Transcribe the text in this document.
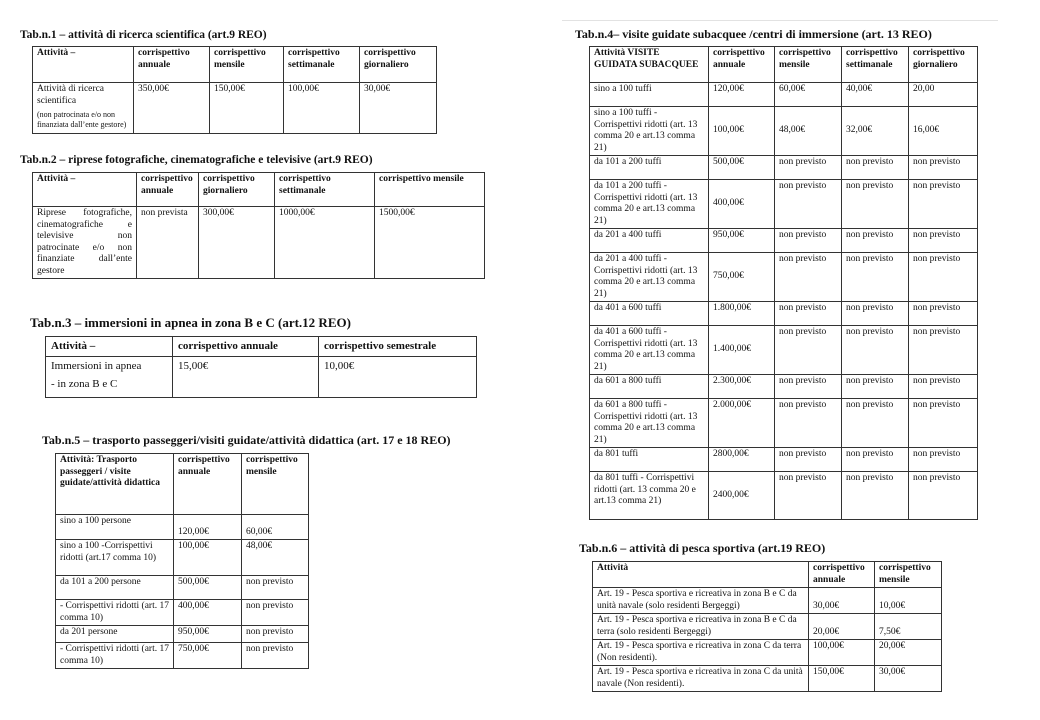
Tab.n.1 – attività di ricerca scientifica (art.9 REO)
Attività –	corrispettivo annuale	corrispettivo mensile	corrispettivo settimanale	corrispettivo giornaliero
Attività di ricerca scientifica
(non patrocinata e/o non finanziata dall’ente gestore)	350,00€	150,00€	100,00€	30,00€
Tab.n.2 – riprese fotografiche, cinematografiche e televisive (art.9 REO)
Attività –	corrispettivo annuale	corrispettivo giornaliero	corrispettivo settimanale	corrispettivo mensile
Riprese fotografiche, cinematografiche e televisive non patrocinate e/o non finanziate dall’ente gestore	non prevista	300,00€	1000,00€	1500,00€
Tab.n.3 – immersioni in apnea in zona B e C (art.12 REO)
Attività –	corrispettivo annuale	corrispettivo semestrale

Immersioni in apnea
- in zona B e C	15,00€	10,00€
Tab.n.5 – trasporto passeggeri/visiti guidate/attività didattica (art. 17 e 18 REO)
Attività: Trasporto passeggeri / visite guidate/attività didattica	corrispettivo annuale	corrispettivo mensile
sino a 100 persone	120,00€	60,00€
sino a 100 -Corrispettivi ridotti (art.17 comma 10)	100,00€	48,00€
da 101 a 200 persone	500,00€	non previsto
- Corrispettivi ridotti (art. 17 comma 10)	400,00€	non previsto
da 201 persone	950,00€	non previsto
- Corrispettivi ridotti (art. 17 comma 10)	750,00€	non previsto
Tab.n.4– visite guidate subacquee /centri di immersione (art. 13 REO)
Attività VISITE GUIDATA SUBACQUEE	corrispettivo annuale	corrispettivo mensile	corrispettivo settimanale	corrispettivo giornaliero
sino a 100 tuffi	120,00€	60,00€	40,00€	20,00
sino a 100 tuffi - Corrispettivi ridotti (art. 13 comma 20 e art.13 comma 21)	100,00€	48,00€	32,00€	16,00€
da 101 a 200 tuffi	500,00€	non previsto	non previsto	non previsto
da 101 a 200 tuffi - Corrispettivi ridotti (art. 13 comma 20 e art.13 comma 21)	400,00€	non previsto	non previsto	non previsto
da 201 a 400 tuffi	950,00€	non previsto	non previsto	non previsto
da 201 a 400 tuffi - Corrispettivi ridotti (art. 13 comma 20 e art.13 comma 21)	750,00€	non previsto	non previsto	non previsto
da 401 a 600 tuffi	1.800,00€	non previsto	non previsto	non previsto
da 401 a 600 tuffi - Corrispettivi ridotti (art. 13 comma 20 e art.13 comma 21)	1.400,00€	non previsto	non previsto	non previsto
da 601 a 800 tuffi	2.300,00€	non previsto	non previsto	non previsto
da 601 a 800 tuffi - Corrispettivi ridotti (art. 13 comma 20 e art.13 comma 21)	2.000,00€	non previsto	non previsto	non previsto
da 801 tuffi	2800,00€	non previsto	non previsto	non previsto
da 801 tuffi - Corrispettivi ridotti (art. 13 comma 20 e art.13 comma 21)	2400,00€	non previsto	non previsto	non previsto
Tab.n.6 – attività di pesca sportiva (art.19 REO)
Attività	corrispettivo annuale	corrispettivo mensile
Art. 19 - Pesca sportiva e ricreativa in zona B e C da unità navale (solo residenti Bergeggi)	30,00€	10,00€
Art. 19 - Pesca sportiva e ricreativa in zona B e C da terra (solo residenti Bergeggi)	20,00€	7,50€
Art. 19 - Pesca sportiva e ricreativa in zona C da terra (Non residenti).	100,00€	20,00€
Art. 19 - Pesca sportiva e ricreativa in zona C da unità navale (Non residenti).	150,00€	30,00€
